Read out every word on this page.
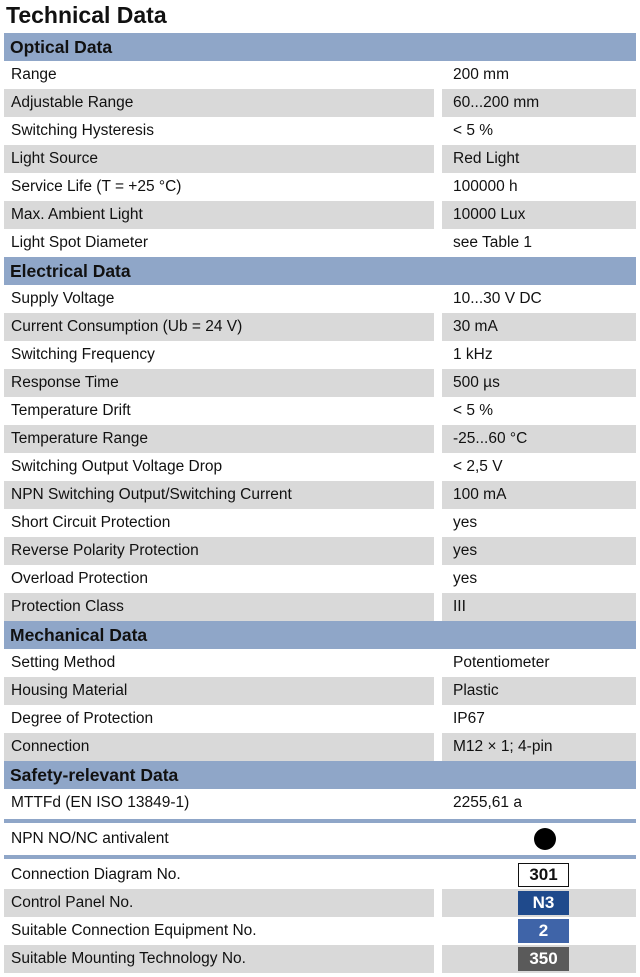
Technical Data
Optical Data
Range	200 mm
Adjustable Range	60...200 mm
Switching Hysteresis	< 5 %
Light Source	Red Light
Service Life (T = +25 °C)	100000 h
Max. Ambient Light	10000 Lux
Light Spot Diameter	see Table 1
Electrical Data
Supply Voltage	10...30 V DC
Current Consumption (Ub = 24 V)	30 mA
Switching Frequency	1 kHz
Response Time	500 µs
Temperature Drift	< 5 %
Temperature Range	-25...60 °C
Switching Output Voltage Drop	< 2,5 V
NPN Switching Output/Switching Current	100 mA
Short Circuit Protection	yes
Reverse Polarity Protection	yes
Overload Protection	yes
Protection Class	III
Mechanical Data
Setting Method	Potentiometer
Housing Material	Plastic
Degree of Protection	IP67
Connection	M12 × 1; 4-pin
Safety-relevant Data
MTTFd (EN ISO 13849-1)	2255,61 a
NPN NO/NC antivalent
Connection Diagram No.	301
Control Panel No.	N3
Suitable Connection Equipment No.	2
Suitable Mounting Technology No.	350
